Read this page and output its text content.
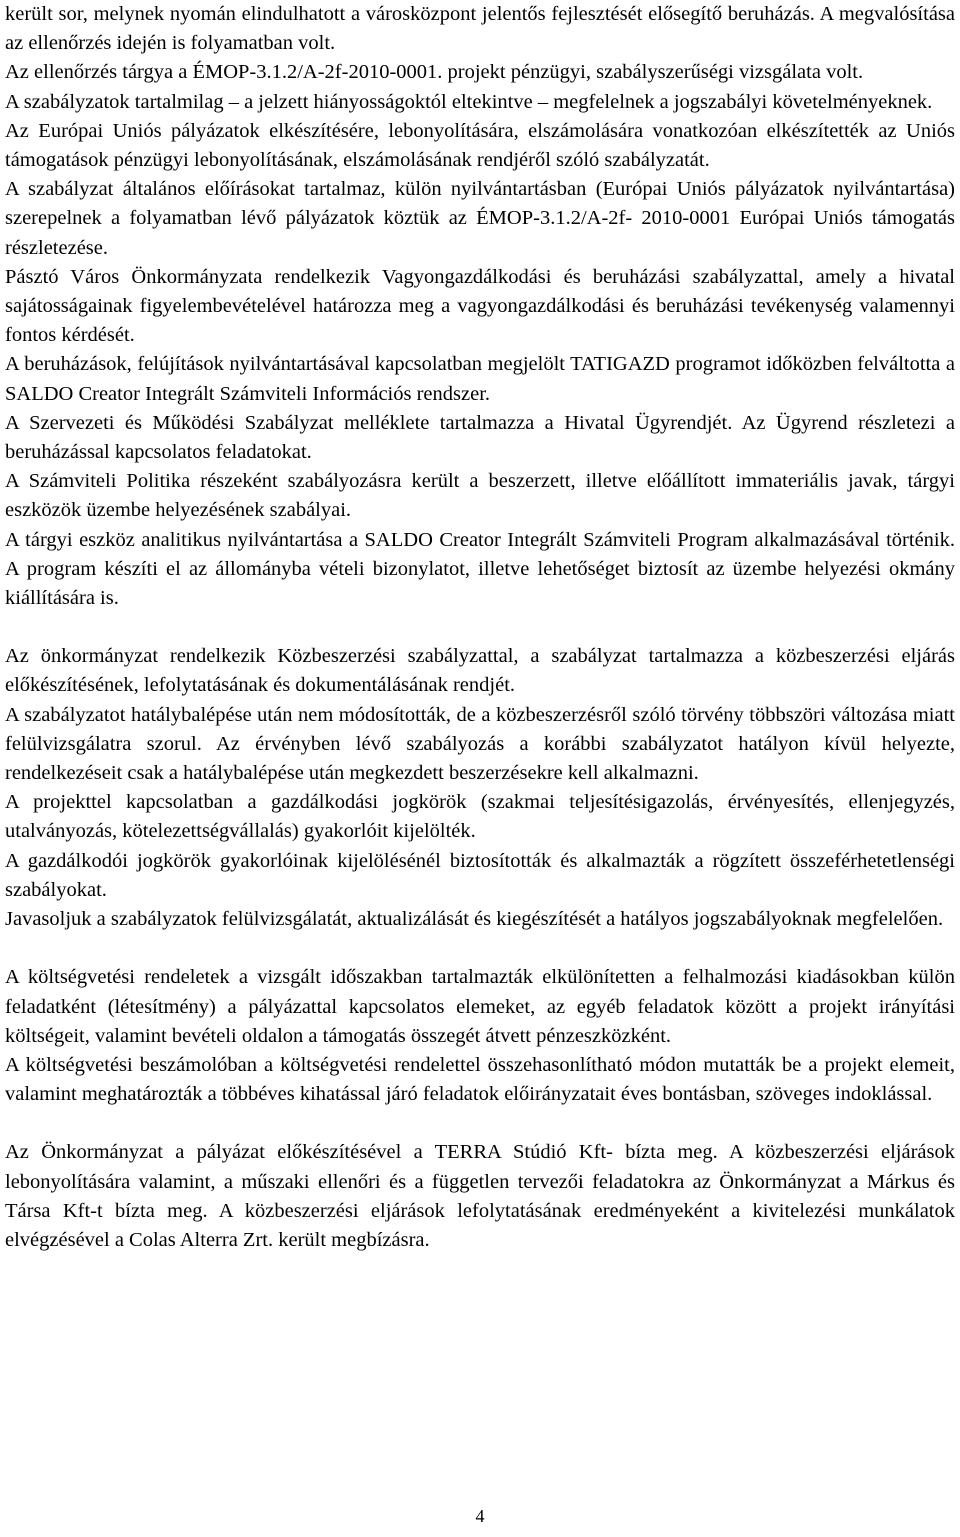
került sor, melynek nyomán elindulhatott a városközpont jelentős fejlesztését elősegítő beruházás. A megvalósítása az ellenőrzés idején is folyamatban volt.

Az ellenőrzés tárgya a ÉMOP-3.1.2/A-2f-2010-0001. projekt pénzügyi, szabályszerűségi vizsgálata volt.

A szabályzatok tartalmilag – a jelzett hiányosságoktól eltekintve – megfelelnek a jogszabályi követelményeknek.

Az Európai Uniós pályázatok elkészítésére, lebonyolítására, elszámolására vonatkozóan elkészítették az Uniós támogatások pénzügyi lebonyolításának, elszámolásának rendjéről szóló szabályzatát.

A szabályzat általános előírásokat tartalmaz, külön nyilvántartásban (Európai Uniós pályázatok nyilvántartása) szerepelnek a folyamatban lévő pályázatok köztük az ÉMOP-3.1.2/A-2f- 2010-0001 Európai Uniós támogatás részletezése.

Pásztó Város Önkormányzata rendelkezik Vagyongazdálkodási és beruházási szabályzattal, amely a hivatal sajátosságainak figyelembevételével határozza meg a vagyongazdálkodási és beruházási tevékenység valamennyi fontos kérdését.

A beruházások, felújítások nyilvántartásával kapcsolatban megjelölt TATIGAZD programot időközben felváltotta a SALDO Creator Integrált Számviteli Információs rendszer.

A Szervezeti és Működési Szabályzat melléklete tartalmazza a Hivatal Ügyrendjét. Az Ügyrend részletezi a beruházással kapcsolatos feladatokat.

A Számviteli Politika részeként szabályozásra került a beszerzett, illetve előállított immateriális javak, tárgyi eszközök üzembe helyezésének szabályai.

A tárgyi eszköz analitikus nyilvántartása a SALDO Creator Integrált Számviteli Program alkalmazásával történik. A program készíti el az állományba vételi bizonylatot, illetve lehetőséget biztosít az üzembe helyezési okmány kiállítására is.

Az önkormányzat rendelkezik Közbeszerzési szabályzattal, a szabályzat tartalmazza a közbeszerzési eljárás előkészítésének, lefolytatásának és dokumentálásának rendjét.

A szabályzatot hatálybalépése után nem módosították, de a közbeszerzésről szóló törvény többszöri változása miatt felülvizsgálatra szorul. Az érvényben lévő szabályozás a korábbi szabályzatot hatályon kívül helyezte, rendelkezéseit csak a hatálybalépése után megkezdett beszerzésekre kell alkalmazni.

A projekttel kapcsolatban a gazdálkodási jogkörök (szakmai teljesítésigazolás, érvényesítés, ellenjegyzés, utalványozás, kötelezettségvállalás) gyakorlóit kijelölték.

A gazdálkodói jogkörök gyakorlóinak kijelölésénél biztosították és alkalmazták a rögzített összeférhetetlenségi szabályokat.

Javasoljuk a szabályzatok felülvizsgálatát, aktualizálását és kiegészítését a hatályos jogszabályoknak megfelelően.

A költségvetési rendeletek a vizsgált időszakban tartalmazták elkülönítetten a felhalmozási kiadásokban külön feladatként (létesítmény) a pályázattal kapcsolatos elemeket, az egyéb feladatok között a projekt irányítási költségeit, valamint bevételi oldalon a támogatás összegét átvett pénzeszközként.

A költségvetési beszámolóban a költségvetési rendelettel összehasonlítható módon mutatták be a projekt elemeit, valamint meghatározták a többéves kihatással járó feladatok előirányzatait éves bontásban, szöveges indoklással.

Az Önkormányzat a pályázat előkészítésével a TERRA Stúdió Kft- bízta meg. A közbeszerzési eljárások lebonyolítására valamint, a műszaki ellenőri és a független tervezői feladatokra az Önkormányzat a Márkus és Társa Kft-t bízta meg. A közbeszerzési eljárások lefolytatásának eredményeként a kivitelezési munkálatok elvégzésével a Colas Alterra Zrt. került megbízásra.

4
